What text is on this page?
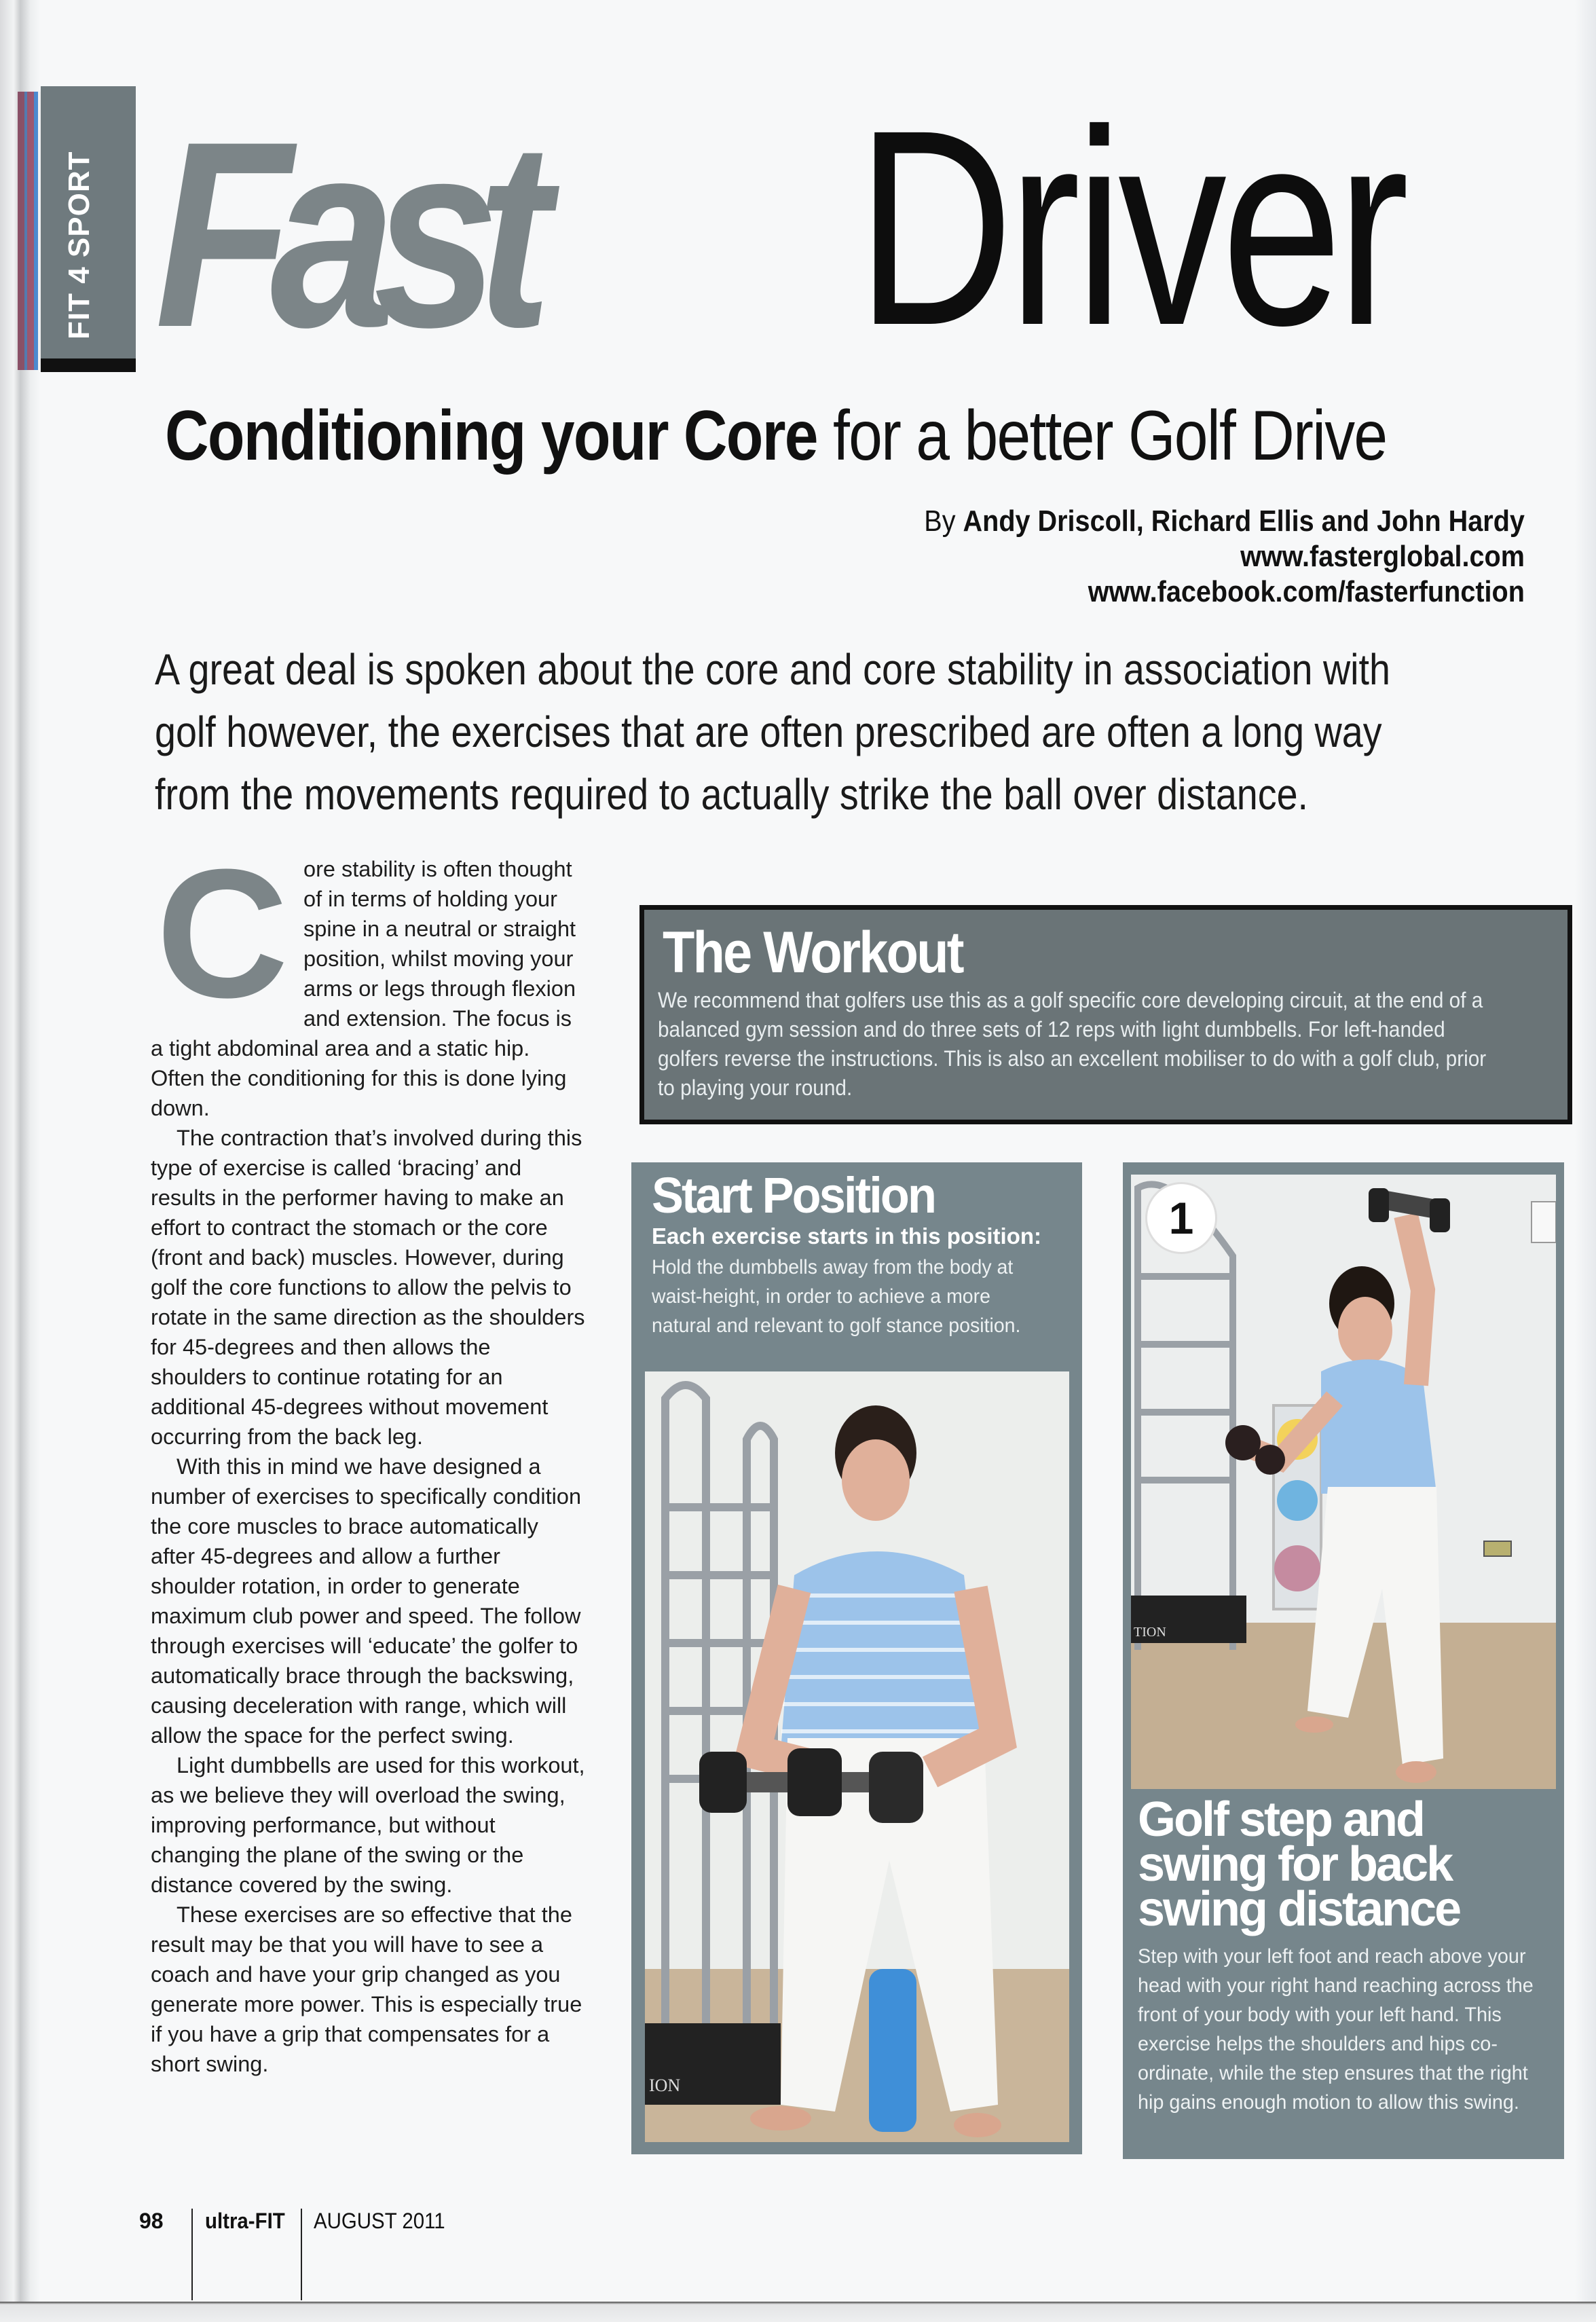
FIT 4 SPORT Fast Driver
Conditioning your Core for a better Golf Drive
By Andy Driscoll, Richard Ellis and John Hardy
www.fasterglobal.com
www.facebook.com/fasterfunction
A great deal is spoken about the core and core stability in association with golf however, the exercises that are often prescribed are often a long way from the movements required to actually strike the ball over distance.
C ore stability is often thought of in terms of holding your spine in a neutral or straight position, whilst moving your arms or legs through flexion and extension. The focus is a tight abdominal area and a static hip. Often the conditioning for this is done lying down.

The contraction that’s involved during this type of exercise is called ‘bracing’ and results in the performer having to make an effort to contract the stomach or the core (front and back) muscles. However, during golf the core functions to allow the pelvis to rotate in the same direction as the shoulders for 45-degrees and then allows the shoulders to continue rotating for an additional 45-degrees without movement occurring from the back leg.

With this in mind we have designed a number of exercises to specifically condition the core muscles to brace automatically after 45-degrees and allow a further shoulder rotation, in order to generate maximum club power and speed. The follow through exercises will ‘educate’ the golfer to automatically brace through the backswing, causing deceleration with range, which will allow the space for the perfect swing.

Light dumbbells are used for this workout, as we believe they will overload the swing, improving performance, but without changing the plane of the swing or the distance covered by the swing.

These exercises are so effective that the result may be that you will have to see a coach and have your grip changed as you generate more power. This is especially true if you have a grip that compensates for a short swing.

The Workout
We recommend that golfers use this as a golf specific core developing circuit, at the end of a balanced gym session and do three sets of 12 reps with light dumbbells. For left-handed golfers reverse the instructions. This is also an excellent mobiliser to do with a golf club, prior to playing your round.
Start Position
Each exercise starts in this position:
Hold the dumbbells away from the body at waist-height, in order to achieve a more natural and relevant to golf stance position.
ION
TION
Golf step and swing for back swing distance
Step with your left foot and reach above your head with your right hand reaching across the front of your body with your left hand. This exercise helps the shoulders and hips co-ordinate, while the step ensures that the right hip gains enough motion to allow this swing.
1
98 ultra-FIT AUGUST 2011
